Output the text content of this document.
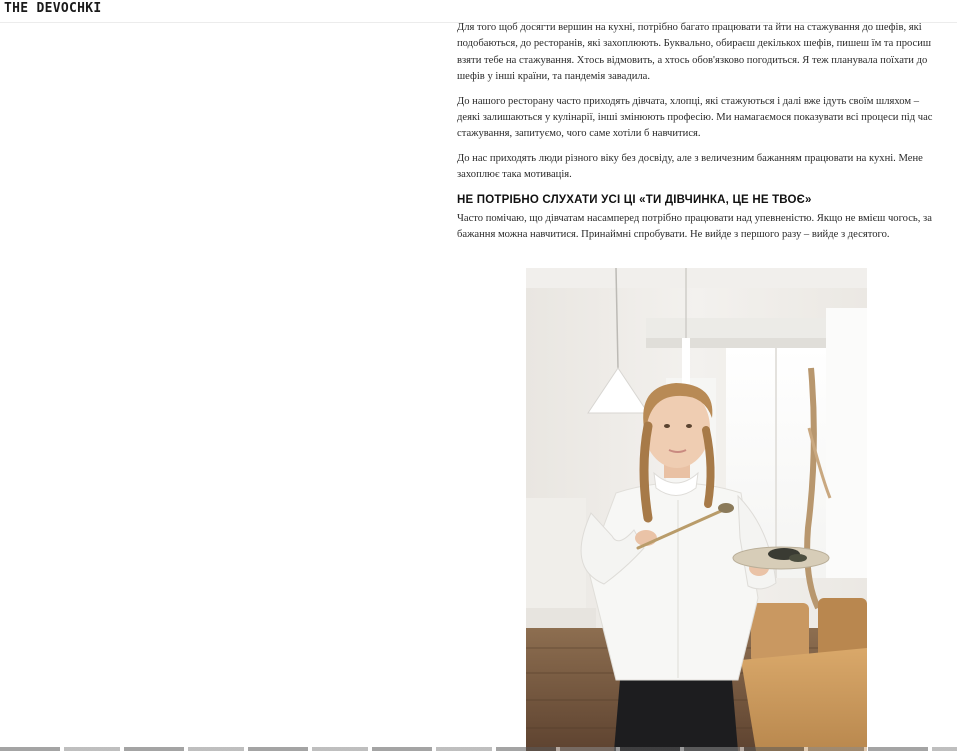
THE DEVOCHKI

Для того щоб досягти вершин на кухні, потрібно багато працювати та йти на стажування до шефів, які подобаються, до ресторанів, які захоплюють. Буквально, обираєш декількох шефів, пишеш їм та просиш взяти тебе на стажування. Хтось відмовить, а хтось обов'язково погодиться. Я теж планувала поїхати до шефів у інші країни, та пандемія завадила.

До нашого ресторану часто приходять дівчата, хлопці, які стажуються і далі вже ідуть своїм шляхом – деякі залишаються у кулінарії, інші змінюють професію. Ми намагаємося показувати всі процеси під час стажування, запитуємо, чого саме хотіли б навчитися.

До нас приходять люди різного віку без досвіду, але з величезним бажанням працювати на кухні. Мене захоплює така мотивація.

НЕ ПОТРІБНО СЛУХАТИ УСІ ЦІ «ТИ ДІВЧИНКА, ЦЕ НЕ ТВОЄ»

Часто помічаю, що дівчатам насамперед потрібно працювати над упевненістю. Якщо не вмієш чогось, за бажання можна навчитися. Принаймні спробувати. Не вийде з першого разу – вийде з десятого.
